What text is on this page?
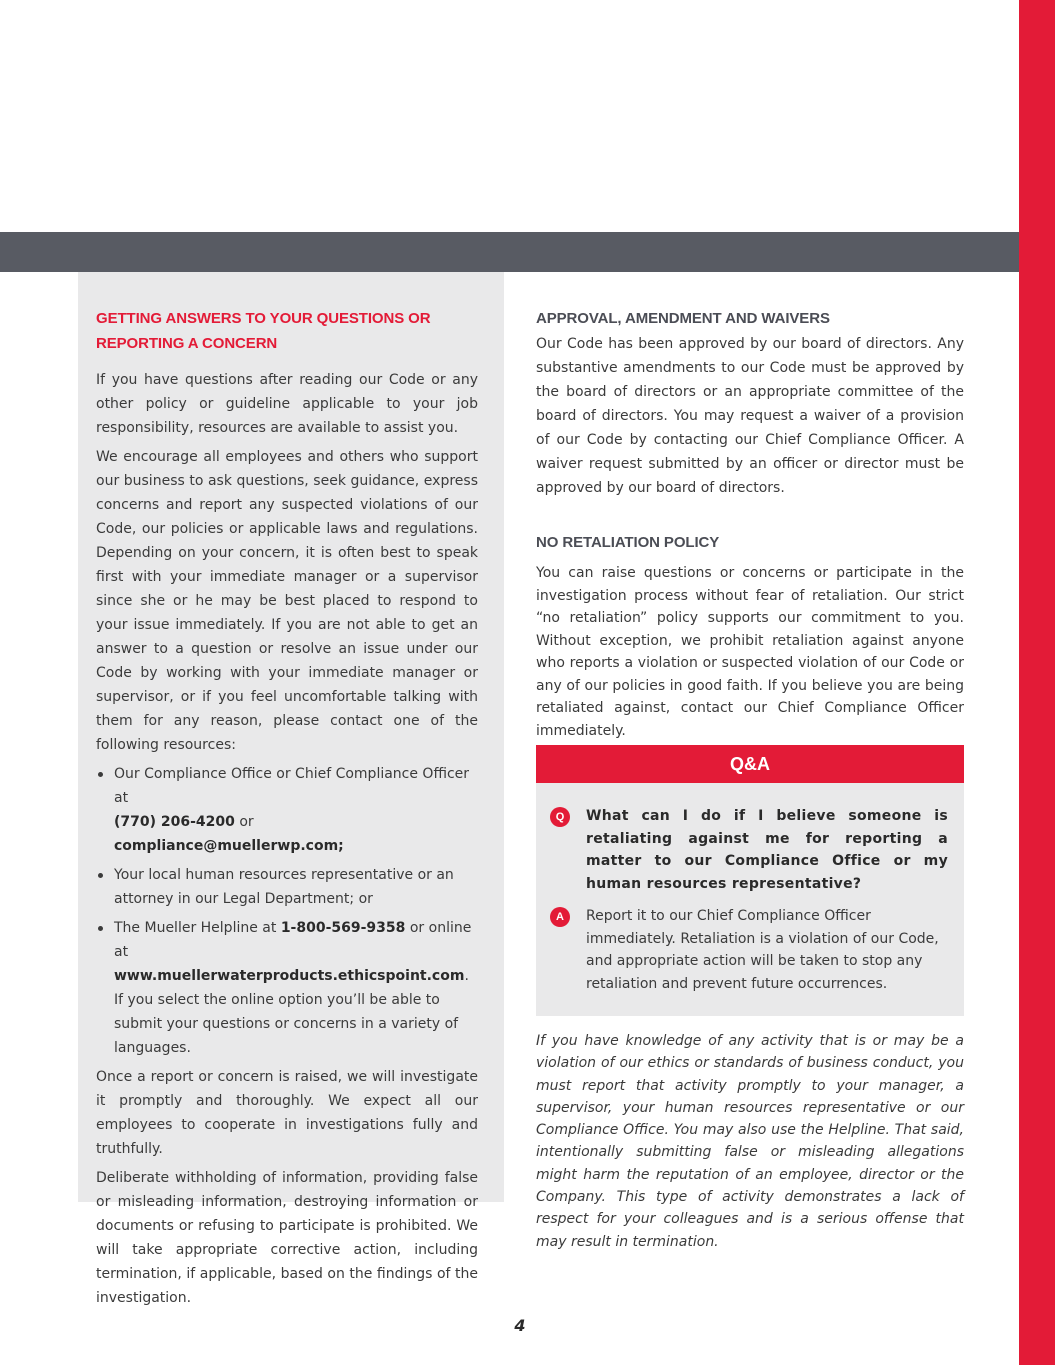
GETTING ANSWERS TO YOUR QUESTIONS OR REPORTING A CONCERN

If you have questions after reading our Code or any other policy or guideline applicable to your job responsibility, resources are available to assist you.

We encourage all employees and others who support our business to ask questions, seek guidance, express concerns and report any suspected violations of our Code, our policies or applicable laws and regulations. Depending on your concern, it is often best to speak first with your immediate manager or a supervisor since she or he may be best placed to respond to your issue immediately. If you are not able to get an answer to a question or resolve an issue under our Code by working with your immediate manager or supervisor, or if you feel uncomfortable talking with them for any reason, please contact one of the following resources:

Our Compliance Office or Chief Compliance Officer at
(770) 206-4200 or compliance@muellerwp.com;
Your local human resources representative or an attorney in our Legal Department; or
The Mueller Helpline at 1-800-569-9358 or online at
www.muellerwaterproducts.ethicspoint.com.
If you select the online option you’ll be able to submit your questions or concerns in a variety of languages.

Once a report or concern is raised, we will investigate it promptly and thoroughly. We expect all our employees to cooperate in investigations fully and truthfully.

Deliberate withholding of information, providing false or misleading information, destroying information or documents or refusing to participate is prohibited. We will take appropriate corrective action, including termination, if applicable, based on the findings of the investigation.

APPROVAL, AMENDMENT AND WAIVERS

Our Code has been approved by our board of directors. Any substantive amendments to our Code must be approved by the board of directors or an appropriate committee of the board of directors. You may request a waiver of a provision of our Code by contacting our Chief Compliance Officer. A waiver request submitted by an officer or director must be approved by our board of directors.

NO RETALIATION POLICY

You can raise questions or concerns or participate in the investigation process without fear of retaliation. Our strict “no retaliation” policy supports our commitment to you. Without exception, we prohibit retaliation against anyone who reports a violation or suspected violation of our Code or any of our policies in good faith. If you believe you are being retaliated against, contact our Chief Compliance Officer immediately.

Q&A
Q	What can I do if I believe someone is retaliating against me for reporting a matter to our Compliance Office or my human resources representative?
A	Report it to our Chief Compliance Officer immediately. Retaliation is a violation of our Code, and appropriate action will be taken to stop any retaliation and prevent future occurrences.

If you have knowledge of any activity that is or may be a violation of our ethics or standards of business conduct, you must report that activity promptly to your manager, a supervisor, your human resources representative or our Compliance Office. You may also use the Helpline. That said, intentionally submitting false or misleading allegations might harm the reputation of an employee, director or the Company. This type of activity demonstrates a lack of respect for your colleagues and is a serious offense that may result in termination.

4
